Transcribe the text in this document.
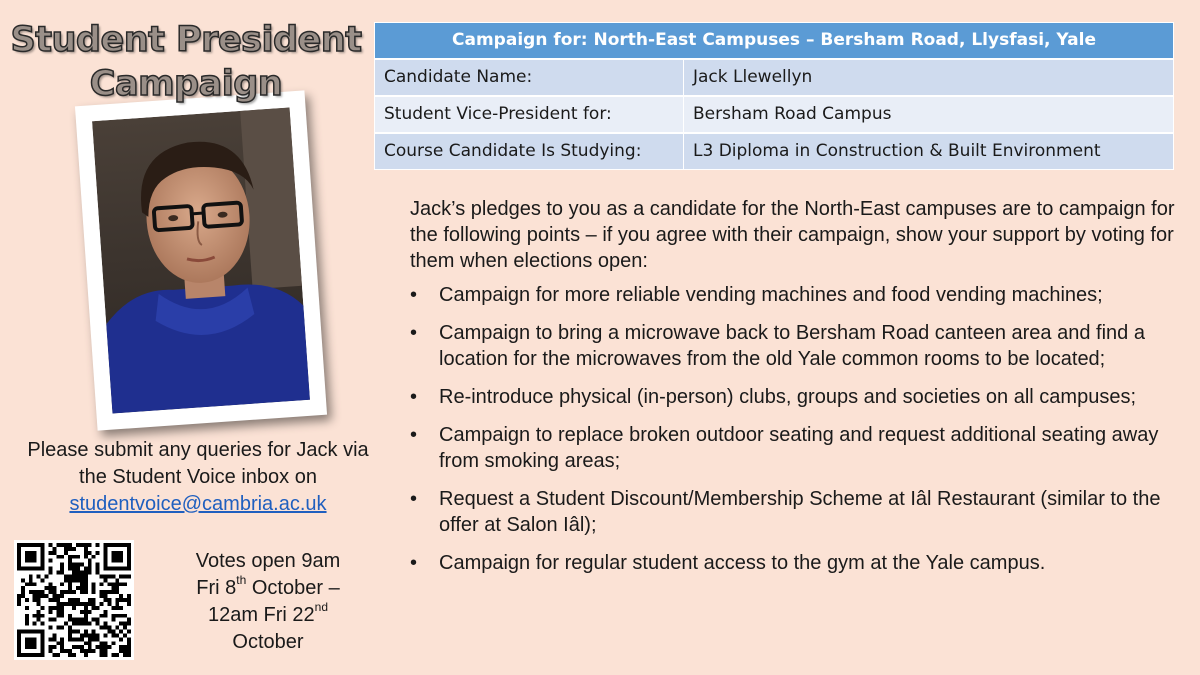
Student President
Campaign
Please submit any queries for Jack via the Student Voice inbox on studentvoice@cambria.ac.uk
Votes open 9am
Fri 8th October –
12am Fri 22nd
October
Campaign for: North-East Campuses – Bersham Road, Llysfasi, Yale	
Candidate Name:	Jack Llewellyn
Student Vice-President for:	Bersham Road Campus
Course Candidate Is Studying:	L3 Diploma in Construction & Built Environment

Jack’s pledges to you as a candidate for the North-East campuses are to campaign for the following points – if you agree with their campaign, show your support by voting for them when elections open:

• Campaign for more reliable vending machines and food vending machines;
• Campaign to bring a microwave back to Bersham Road canteen area and find a location for the microwaves from the old Yale common rooms to be located;
• Re-introduce physical (in-person) clubs, groups and societies on all campuses;
• Campaign to replace broken outdoor seating and request additional seating away from smoking areas;
• Request a Student Discount/Membership Scheme at Iâl Restaurant (similar to the offer at Salon Iâl);
• Campaign for regular student access to the gym at the Yale campus.
